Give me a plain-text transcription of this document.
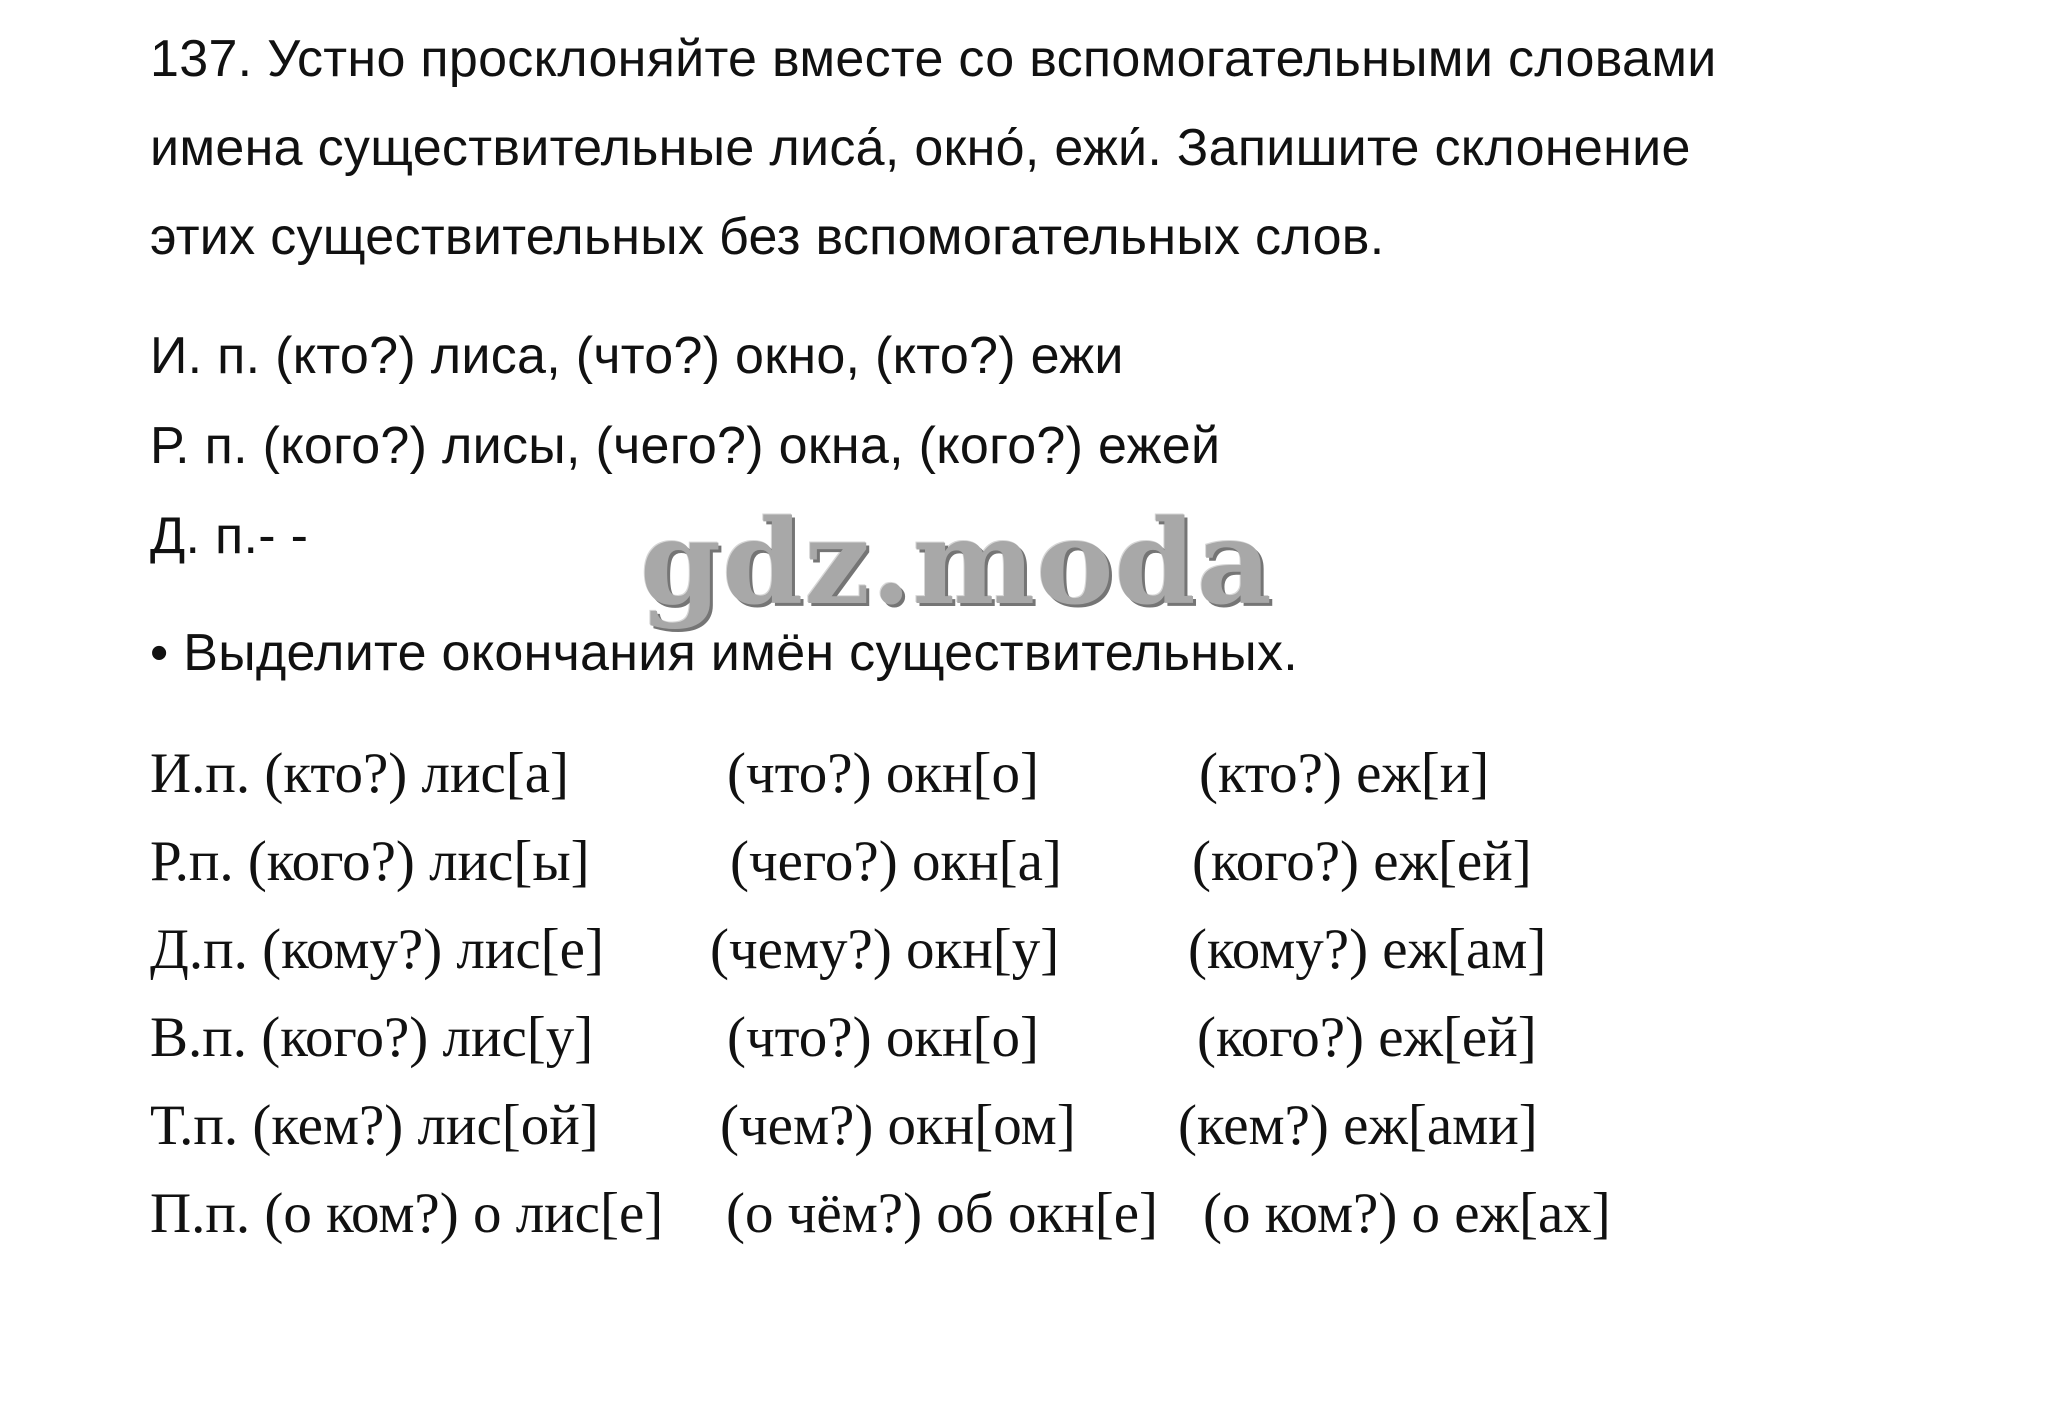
137. Устно просклоняйте вместе со вспомогательными словами
имена существительные лиса́, окно́, ежи́. Запишите склонение
этих существительных без вспомогательных слов.
И. п. (кто?) лиса, (что?) окно, (кто?) ежи
Р. п. (кого?) лисы, (чего?) окна, (кого?) ежей
Д. п.- -	gdz.moda
• Выделите окончания имён существительных.
И.п. (кто?) лис[а]	(что?) окн[о]	(кто?) еж[и]
Р.п. (кого?) лис[ы] (чего?) окн[а] (кого?) еж[ей]
Д.п. (кому?) лис[е] (чему?) окн[у] (кому?) еж[ам]
В.п. (кого?) лис[у] (что?) окн[о]	(кого?) еж[ей]
Т.п. (кем?) лис[ой] (чем?) окн[ом] (кем?) еж[ами]
П.п. (о ком?) о лис[е] (о чём?) об окн[е] (о ком?) о еж[ах]
